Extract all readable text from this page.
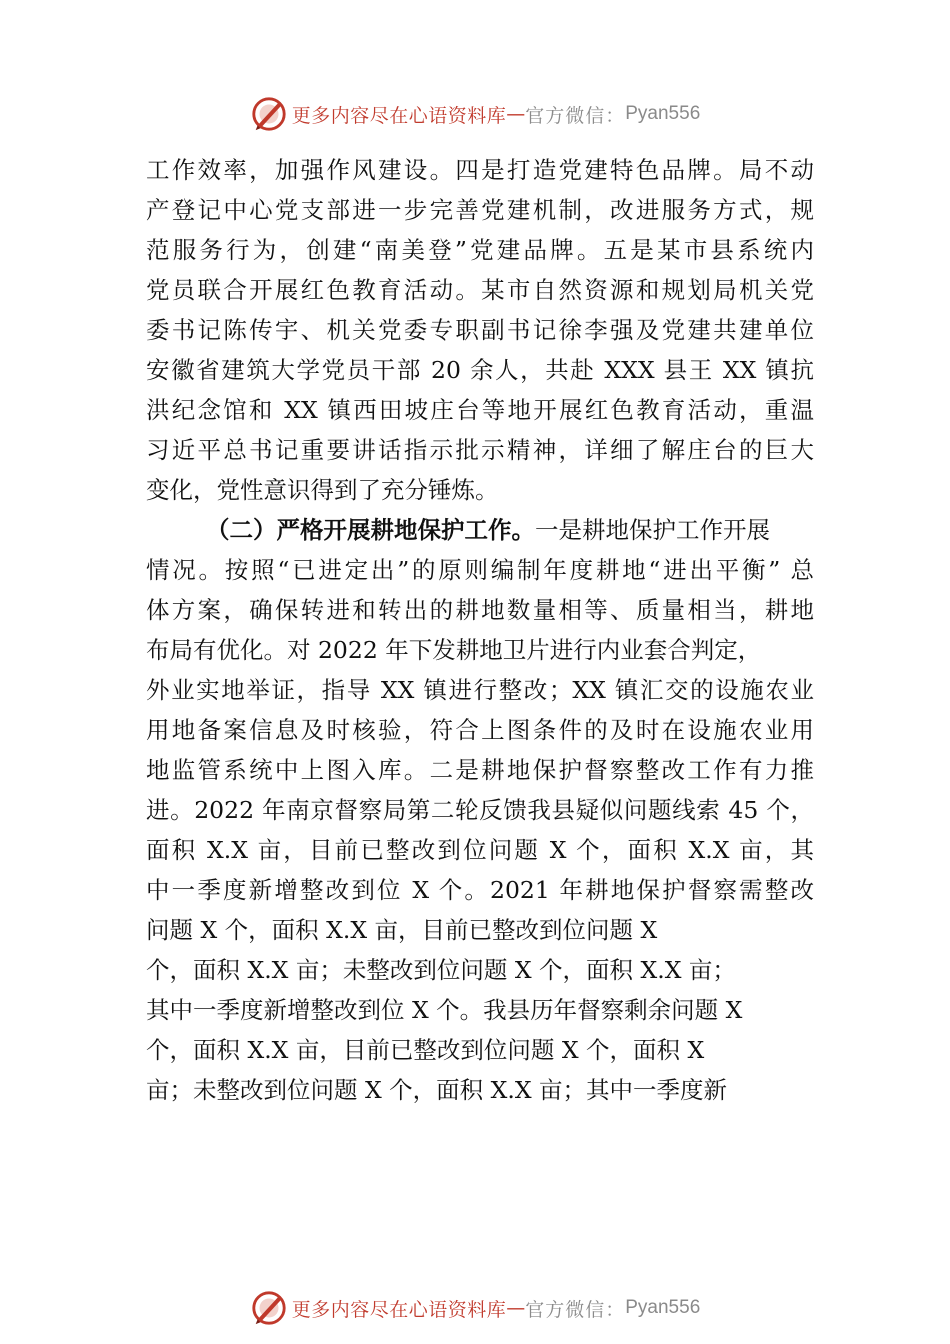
更多内容尽在心语资料库 — 官方微信： Pyan556
工作效率，加强作风建设。四是打造党建特色品牌。局不动
产登记中心党支部进一步完善党建机制，改进服务方式，规
范服务行为，创建“南美登”党建品牌。五是某市县系统内
党员联合开展红色教育活动。某市自然资源和规划局机关党
委书记陈传宇、机关党委专职副书记徐李强及党建共建单位
安徽省建筑大学党员干部 20 余人，共赴 XXX 县王 XX 镇抗
洪纪念馆和 XX 镇西田坡庄台等地开展红色教育活动，重温
习近平总书记重要讲话指示批示精神，详细了解庄台的巨大
变化，党性意识得到了充分锤炼。
（二）严格开展耕地保护工作。一是耕地保护工作开展
情况。按照“已进定出”的原则编制年度耕地“进出平衡” 总
体方案，确保转进和转出的耕地数量相等、质量相当，耕地
布局有优化。对 2022 年下发耕地卫片进行内业套合判定，
外业实地举证，指导 XX 镇进行整改；XX 镇汇交的设施农业
用地备案信息及时核验，符合上图条件的及时在设施农业用
地监管系统中上图入库。二是耕地保护督察整改工作有力推
进。2022 年南京督察局第二轮反馈我县疑似问题线索 45 个，
面积 X.X 亩，目前已整改到位问题 X 个，面积 X.X 亩，其
中一季度新增整改到位 X 个。2021 年耕地保护督察需整改
问题 X 个，面积 X.X 亩，目前已整改到位问题 X
个，面积 X.X 亩；未整改到位问题 X 个，面积 X.X 亩；
其中一季度新增整改到位 X 个。我县历年督察剩余问题 X
个，面积 X.X 亩，目前已整改到位问题 X 个，面积 X
亩；未整改到位问题 X 个，面积 X.X 亩；其中一季度新
更多内容尽在心语资料库 — 官方微信： Pyan556
